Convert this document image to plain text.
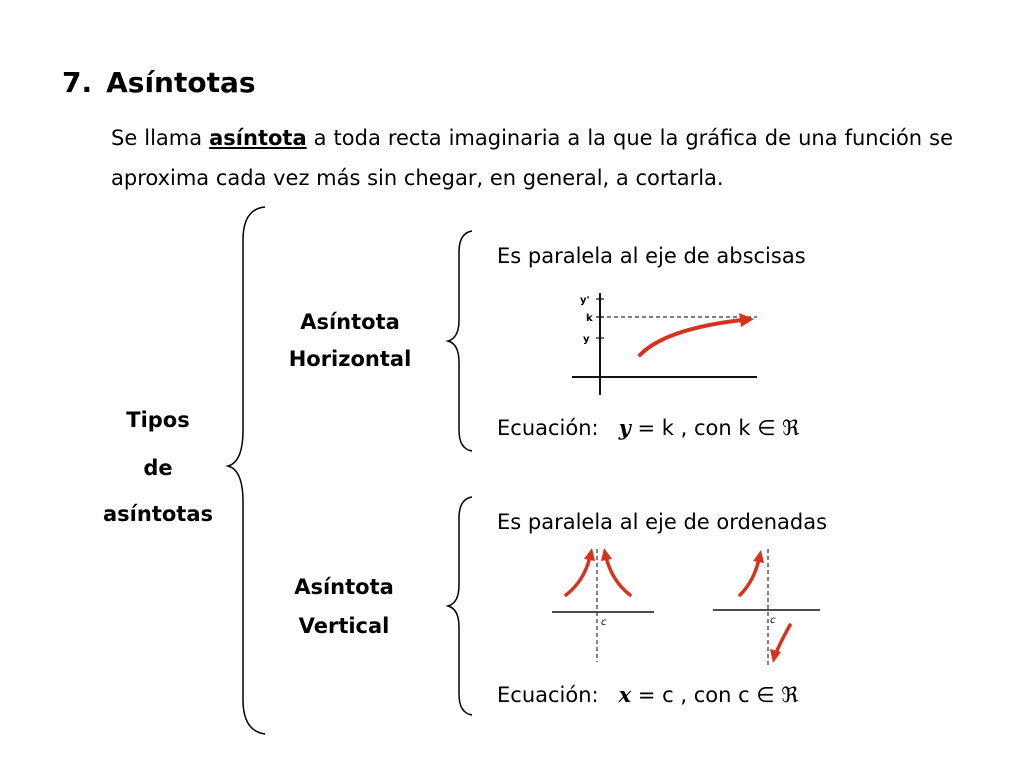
7. Asíntotas
Se llama asíntota a toda recta imaginaria a la que la gráfica de una función se aproxima cada vez más sin chegar, en general, a cortarla.
Tipos
de
asíntotas
Asíntota
Horizontal
Asíntota
Vertical
Es paralela al eje de abscisas
y'
k
y
Ecuación: y = k , con k ∈ ℜ
Es paralela al eje de ordenadas
c	c
Ecuación: x = c , con c ∈ ℜ
